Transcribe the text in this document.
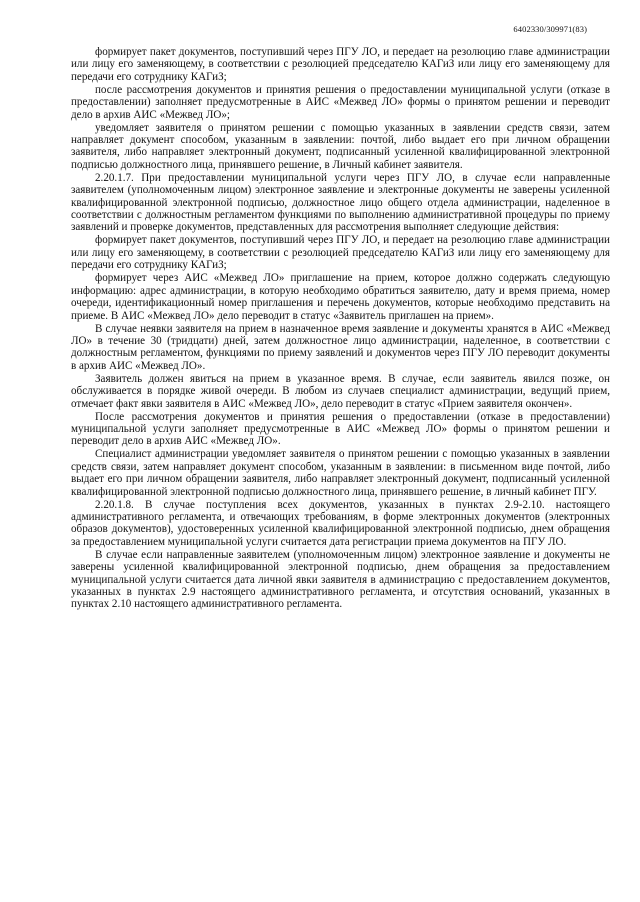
6402330/309971(83)

формирует пакет документов, поступивший через ПГУ ЛО, и передает на резолюцию главе администрации или лицу его заменяющему, в соответствии с резолюцией председателю КАГиЗ или лицу его заменяющему для передачи его сотруднику КАГиЗ;

после рассмотрения документов и принятия решения о предоставлении муниципальной услуги (отказе в предоставлении) заполняет предусмотренные в АИС «Межвед ЛО» формы о принятом решении и переводит дело в архив АИС «Межвед ЛО»;

уведомляет заявителя о принятом решении с помощью указанных в заявлении средств связи, затем направляет документ способом, указанным в заявлении: почтой, либо выдает его при личном обращении заявителя, либо направляет электронный документ, подписанный усиленной квалифицированной электронной подписью должностного лица, принявшего решение, в Личный кабинет заявителя.

2.20.1.7. При предоставлении муниципальной услуги через ПГУ ЛО, в случае если направленные заявителем (уполномоченным лицом) электронное заявление и электронные документы не заверены усиленной квалифицированной электронной подписью, должностное лицо общего отдела администрации, наделенное в соответствии с должностным регламентом функциями по выполнению административной процедуры по приему заявлений и проверке документов, представленных для рассмотрения выполняет следующие действия:

формирует пакет документов, поступивший через ПГУ ЛО, и передает на резолюцию главе администрации или лицу его заменяющему, в соответствии с резолюцией председателю КАГиЗ или лицу его заменяющему для передачи его сотруднику КАГиЗ;

формирует через АИС «Межвед ЛО» приглашение на прием, которое должно содержать следующую информацию: адрес администрации, в которую необходимо обратиться заявителю, дату и время приема, номер очереди, идентификационный номер приглашения и перечень документов, которые необходимо представить на приеме. В АИС «Межвед ЛО» дело переводит в статус «Заявитель приглашен на прием».

В случае неявки заявителя на прием в назначенное время заявление и документы хранятся в АИС «Межвед ЛО» в течение 30 (тридцати) дней, затем должностное лицо администрации, наделенное, в соответствии с должностным регламентом, функциями по приему заявлений и документов через ПГУ ЛО переводит документы в архив АИС «Межвед ЛО».

Заявитель должен явиться на прием в указанное время. В случае, если заявитель явился позже, он обслуживается в порядке живой очереди. В любом из случаев специалист администрации, ведущий прием, отмечает факт явки заявителя в АИС «Межвед ЛО», дело переводит в статус «Прием заявителя окончен».

После рассмотрения документов и принятия решения о предоставлении (отказе в предоставлении) муниципальной услуги заполняет предусмотренные в АИС «Межвед ЛО» формы о принятом решении и переводит дело в архив АИС «Межвед ЛО».

Специалист администрации уведомляет заявителя о принятом решении с помощью указанных в заявлении средств связи, затем направляет документ способом, указанным в заявлении: в письменном виде почтой, либо выдает его при личном обращении заявителя, либо направляет электронный документ, подписанный усиленной квалифицированной электронной подписью должностного лица, принявшего решение, в личный кабинет ПГУ.

2.20.1.8. В случае поступления всех документов, указанных в пунктах 2.9-2.10. настоящего административного регламента, и отвечающих требованиям, в форме электронных документов (электронных образов документов), удостоверенных усиленной квалифицированной электронной подписью, днем обращения за предоставлением муниципальной услуги считается дата регистрации приема документов на ПГУ ЛО.

В случае если направленные заявителем (уполномоченным лицом) электронное заявление и документы не заверены усиленной квалифицированной электронной подписью, днем обращения за предоставлением муниципальной услуги считается дата личной явки заявителя в администрацию с предоставлением документов, указанных в пунктах 2.9 настоящего административного регламента, и отсутствия оснований, указанных в пунктах 2.10 настоящего административного регламента.
